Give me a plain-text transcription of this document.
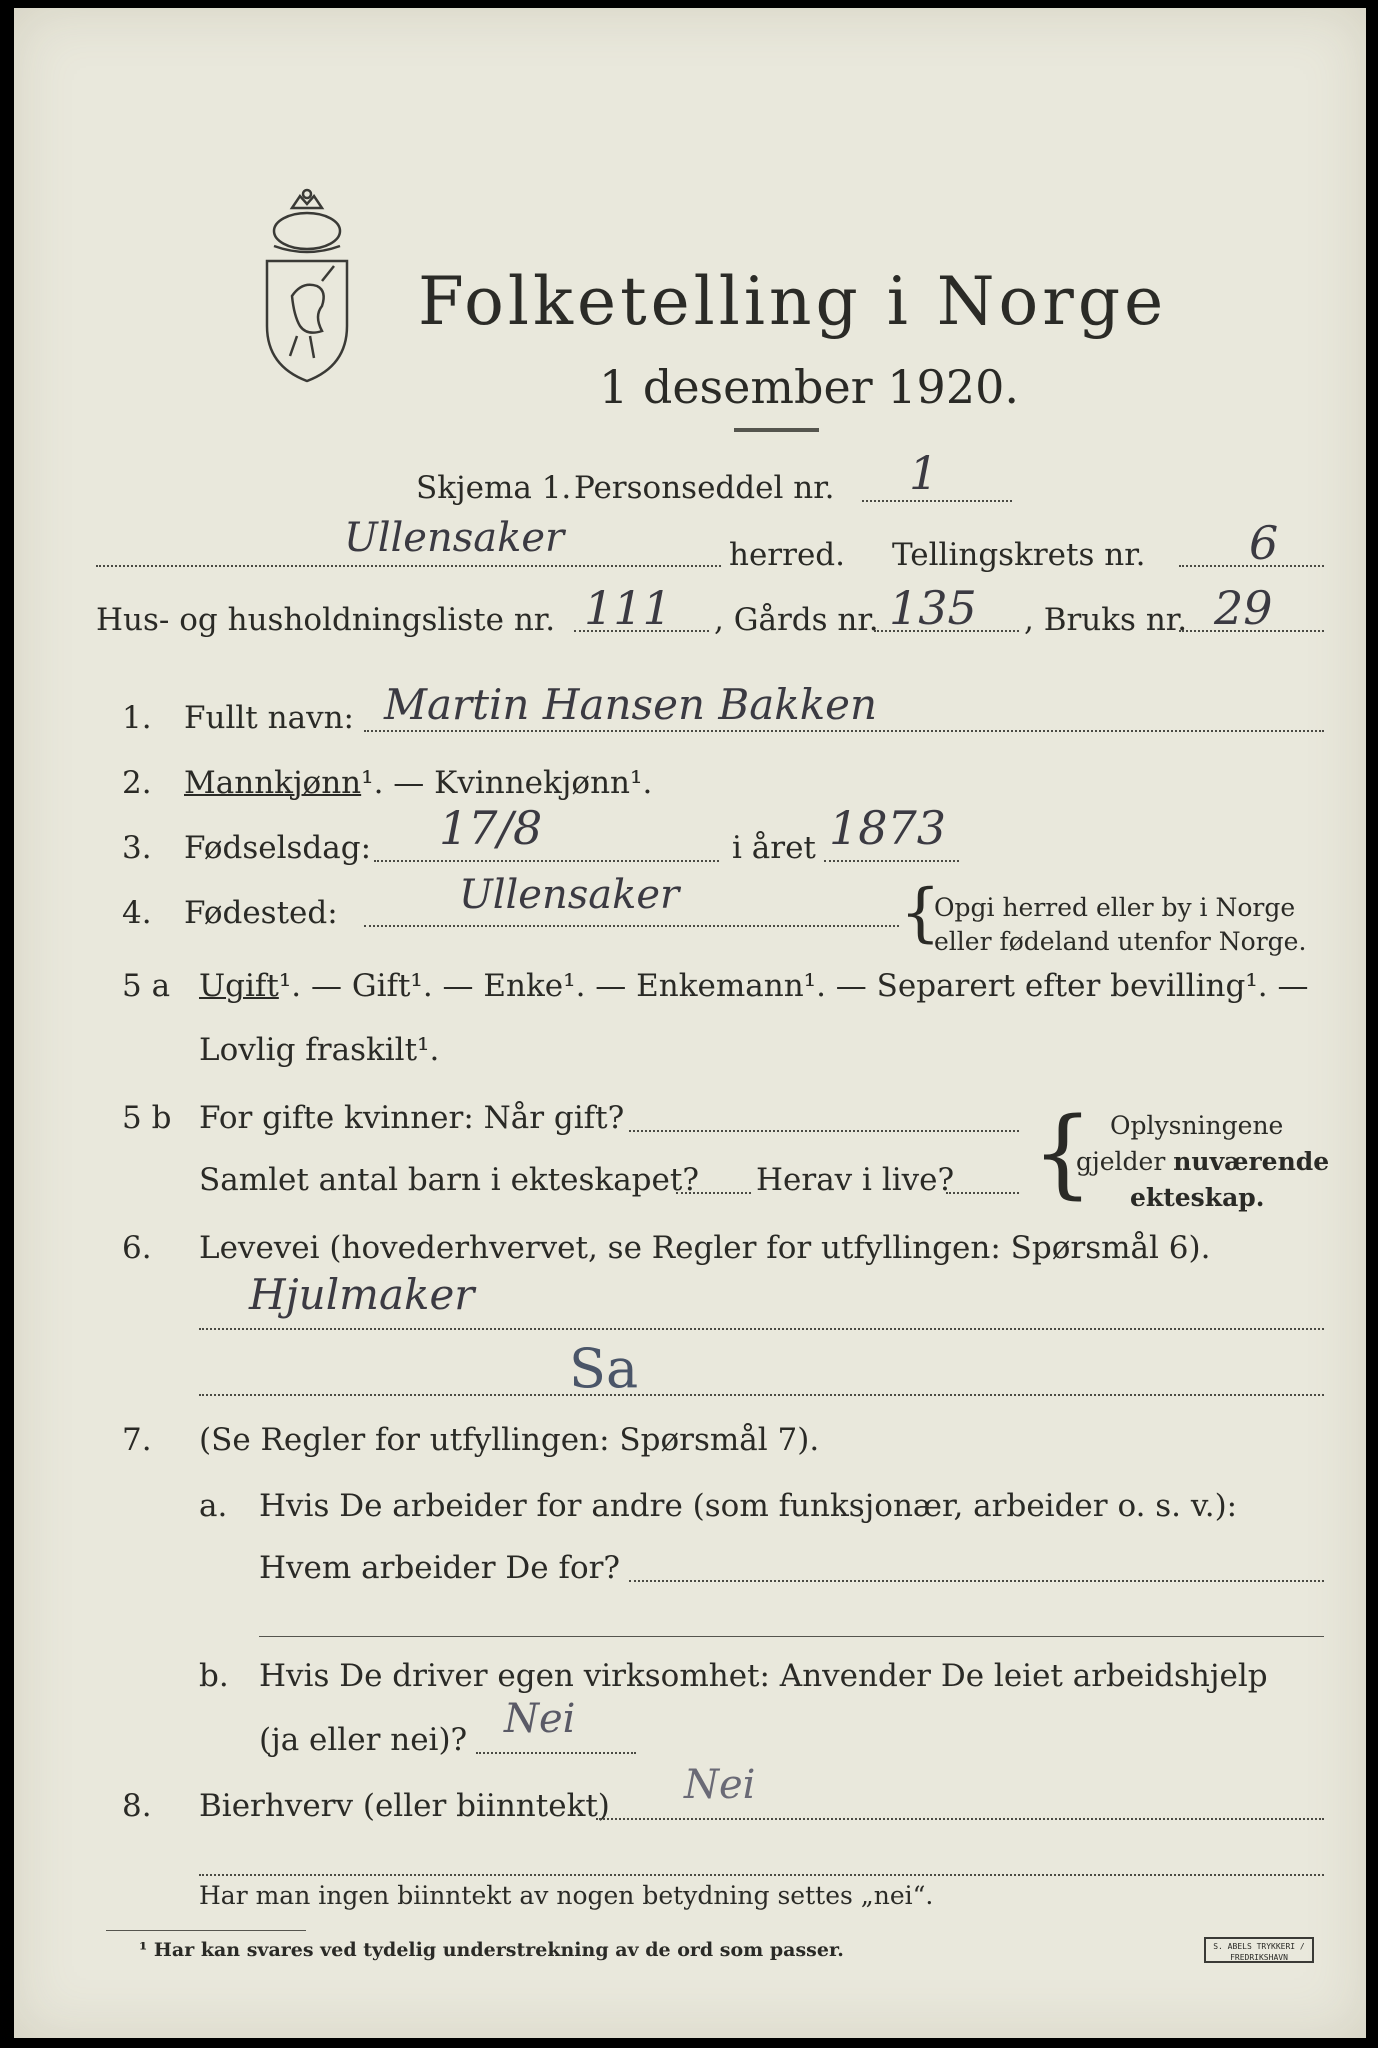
Folketelling i Norge
1 desember 1920.
Skjema 1. Personseddel nr. 1
Ullensaker	herred. Tellingskrets nr. 6
Hus- og husholdningsliste nr. 111 , Gårds nr. 135 , Bruks nr. 29
1. Fullt navn: Martin Hansen Bakken
2. Mannkjønn¹. — Kvinnekjønn¹.
3. Fødselsdag: 17/8	i året 1873
4. Fødested:	Ullensaker	{
Opgi herred eller by i Norge
eller fødeland utenfor Norge.
5 a Ugift¹. — Gift¹. — Enke¹. — Enkemann¹. — Separert efter bevilling¹. —
Lovlig fraskilt¹.
5 b For gifte kvinner: Når gift?
Samlet antal barn i ekteskapet? Herav i live? { Oplysningene
gjelder nuværende
ekteskap.
6. Levevei (hovederhvervet, se Regler for utfyllingen: Spørsmål 6).
Hjulmaker
Sa
7. (Se Regler for utfyllingen: Spørsmål 7).
a. Hvis De arbeider for andre (som funksjonær, arbeider o. s. v.):
Hvem arbeider De for?
b. Hvis De driver egen virksomhet: Anvender De leiet arbeidshjelp
(ja eller nei)? Nei
8. Bierhverv (eller biinntekt) Nei
Har man ingen biinntekt av nogen betydning settes „nei“.
¹ Har kan svares ved tydelig understrekning av de ord som passer.	S. ABELS TRYKKERI / FREDRIKSHAVN
